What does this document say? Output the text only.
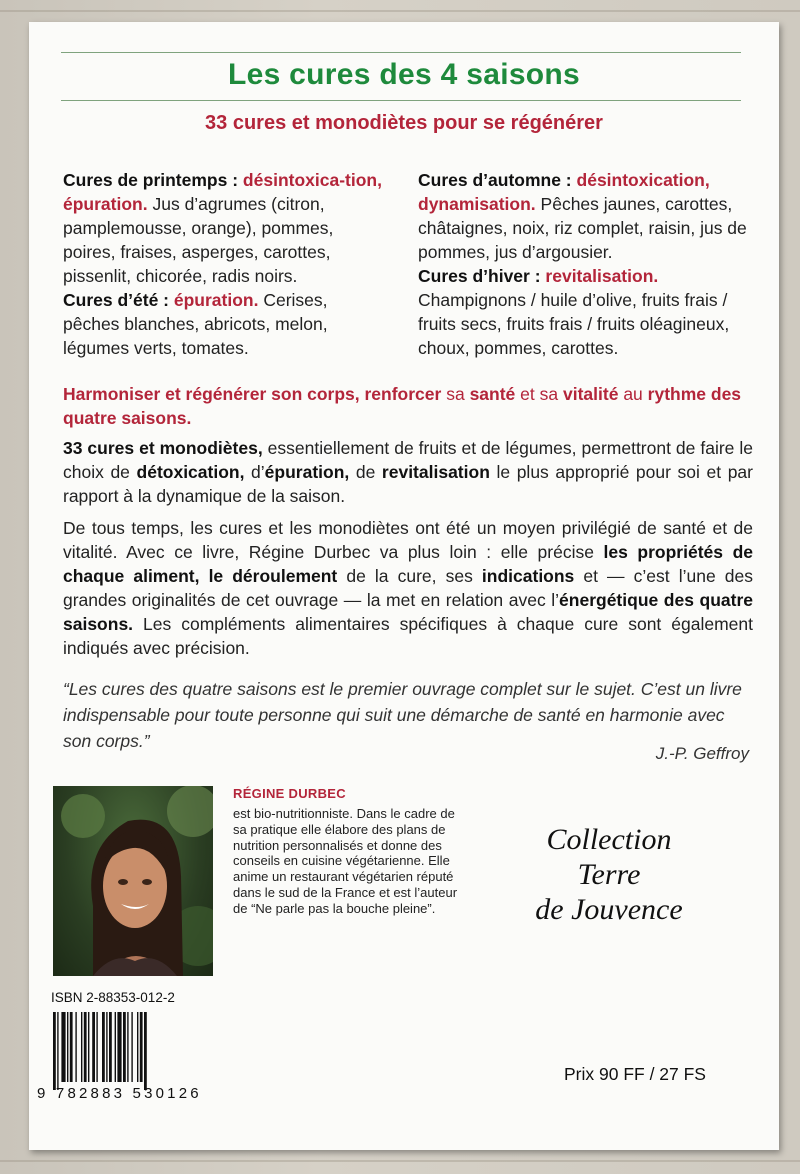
Les cures des 4 saisons
33 cures et monodiètes pour se régénérer
Cures de printemps : désintoxica-tion, épuration. Jus d’agrumes (citron, pamplemousse, orange), pommes, poires, fraises, asperges, carottes, pissenlit, chicorée, radis noirs.
Cures d’été : épuration. Cerises, pêches blanches, abricots, melon, légumes verts, tomates.
Cures d’automne : désintoxication, dynamisation. Pêches jaunes, carottes, châtaignes, noix, riz complet, raisin, jus de pommes, jus d’argousier.
Cures d’hiver : revitalisation. Champignons / huile d’olive, fruits frais / fruits secs, fruits frais / fruits oléagineux, choux, pommes, carottes.
Harmoniser et régénérer son corps, renforcer sa santé et sa vitalité au rythme des quatre saisons.
33 cures et monodiètes, essentiellement de fruits et de légumes, permettront de faire le choix de détoxication, d’épuration, de revitalisation le plus approprié pour soi et par rapport à la dynamique de la saison.
De tous temps, les cures et les monodiètes ont été un moyen privilégié de santé et de vitalité. Avec ce livre, Régine Durbec va plus loin : elle précise les propriétés de chaque aliment, le déroulement de la cure, ses indications et — c’est l’une des grandes originalités de cet ouvrage — la met en relation avec l’énergétique des quatre saisons. Les compléments alimentaires spécifiques à chaque cure sont également indiqués avec précision.
“Les cures des quatre saisons est le premier ouvrage complet sur le sujet. C’est un livre indispensable pour toute personne qui suit une démarche de santé en harmonie avec son corps.”
J.-P. Geffroy
RÉGINE DURBEC
est bio-nutritionniste. Dans le cadre de sa pratique elle élabore des plans de nutrition personnalisés et donne des conseils en cuisine végétarienne. Elle anime un restaurant végétarien réputé dans le sud de la France et est l’auteur de “Ne parle pas la bouche pleine”.
Collection
Terre
de Jouvence
ISBN 2-88353-012-2
9 782883 530126
Prix 90 FF / 27 FS
